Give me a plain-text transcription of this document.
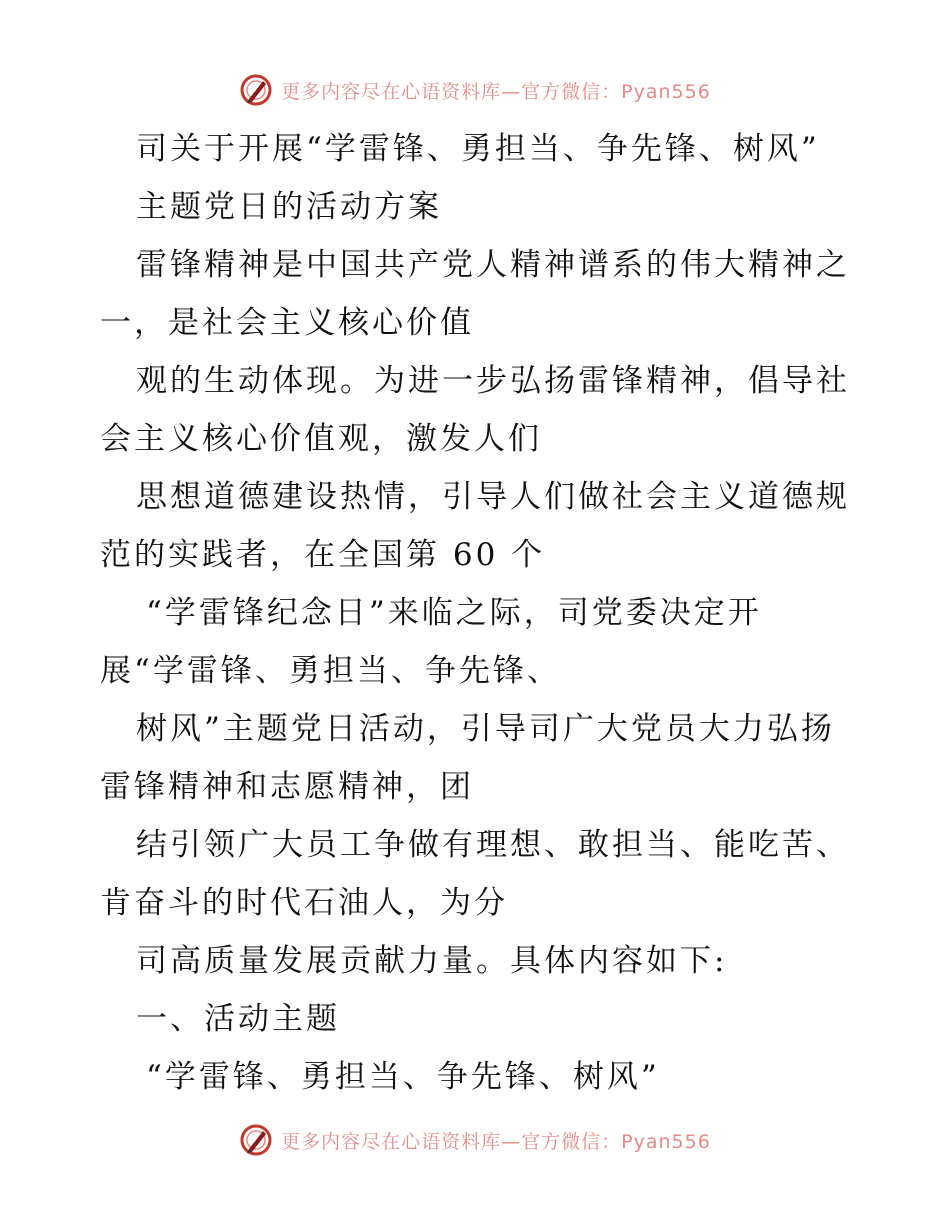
更多内容尽在心语资料库—官方微信：Pyan556
司关于开展“学雷锋、勇担当、争先锋、树风”
主题党日的活动方案
雷锋精神是中国共产党人精神谱系的伟大精神之
一，是社会主义核心价值
观的生动体现。为进一步弘扬雷锋精神，倡导社
会主义核心价值观，激发人们
思想道德建设热情，引导人们做社会主义道德规
范的实践者，在全国第 60 个
“学雷锋纪念日”来临之际，司党委决定开
展“学雷锋、勇担当、争先锋、
树风”主题党日活动，引导司广大党员大力弘扬
雷锋精神和志愿精神，团
结引领广大员工争做有理想、敢担当、能吃苦、
肯奋斗的时代石油人，为分
司高质量发展贡献力量。具体内容如下:
一、活动主题
“学雷锋、勇担当、争先锋、树风”
更多内容尽在心语资料库—官方微信：Pyan556
